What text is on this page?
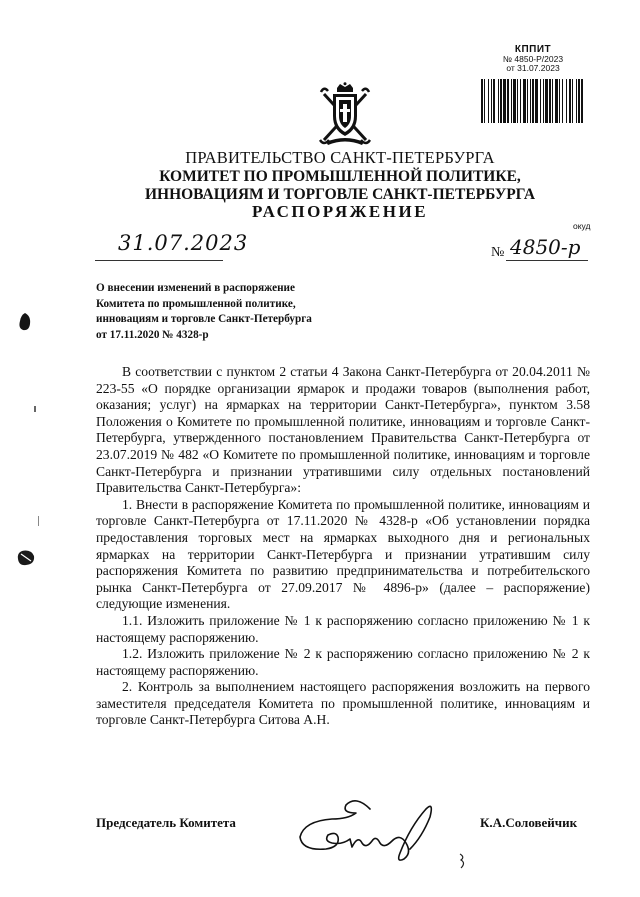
КППИТ
№ 4850-Р/2023
от 31.07.2023
ПРАВИТЕЛЬСТВО САНКТ-ПЕТЕРБУРГА
КОМИТЕТ ПО ПРОМЫШЛЕННОЙ ПОЛИТИКЕ,
ИННОВАЦИЯМ И ТОРГОВЛЕ САНКТ-ПЕТЕРБУРГА
РАСПОРЯЖЕНИЕ
окуд
31.07.2023	№ 4850-р
О внесении изменений в распоряжение
Комитета по промышленной политике,
инновациям и торговле Санкт-Петербурга
от 17.11.2020 № 4328-р

В соответствии с пунктом 2 статьи 4 Закона Санкт-Петербурга от 20.04.2011 № 223-55 «О порядке организации ярмарок и продажи товаров (выполнения работ, оказания; услуг) на ярмарках на территории Санкт-Петербурга», пунктом 3.58 Положения о Комитете по промышленной политике, инновациям и торговле Санкт-Петербурга, утвержденного постановлением Правительства Санкт-Петербурга от 23.07.2019 № 482 «О Комитете по промышленной политике, инновациям и торговле Санкт-Петербурга и признании утратившими силу отдельных постановлений Правительства Санкт-Петербурга»:

1. Внести в распоряжение Комитета по промышленной политике, инновациям и торговле Санкт-Петербурга от 17.11.2020 № 4328-р «Об установлении порядка предоставления торговых мест на ярмарках выходного дня и региональных ярмарках на территории Санкт-Петербурга и признании утратившим силу распоряжения Комитета по развитию предпринимательства и потребительского рынка Санкт-Петербурга от 27.09.2017 № 4896-р» (далее – распоряжение) следующие изменения.

1.1. Изложить приложение № 1 к распоряжению согласно приложению № 1 к настоящему распоряжению.

1.2. Изложить приложение № 2 к распоряжению согласно приложению № 2 к настоящему распоряжению.

2. Контроль за выполнением настоящего распоряжения возложить на первого заместителя председателя Комитета по промышленной политике, инновациям и торговле Санкт-Петербурга Ситова А.Н.

Председатель Комитета	К.А.Соловейчик
